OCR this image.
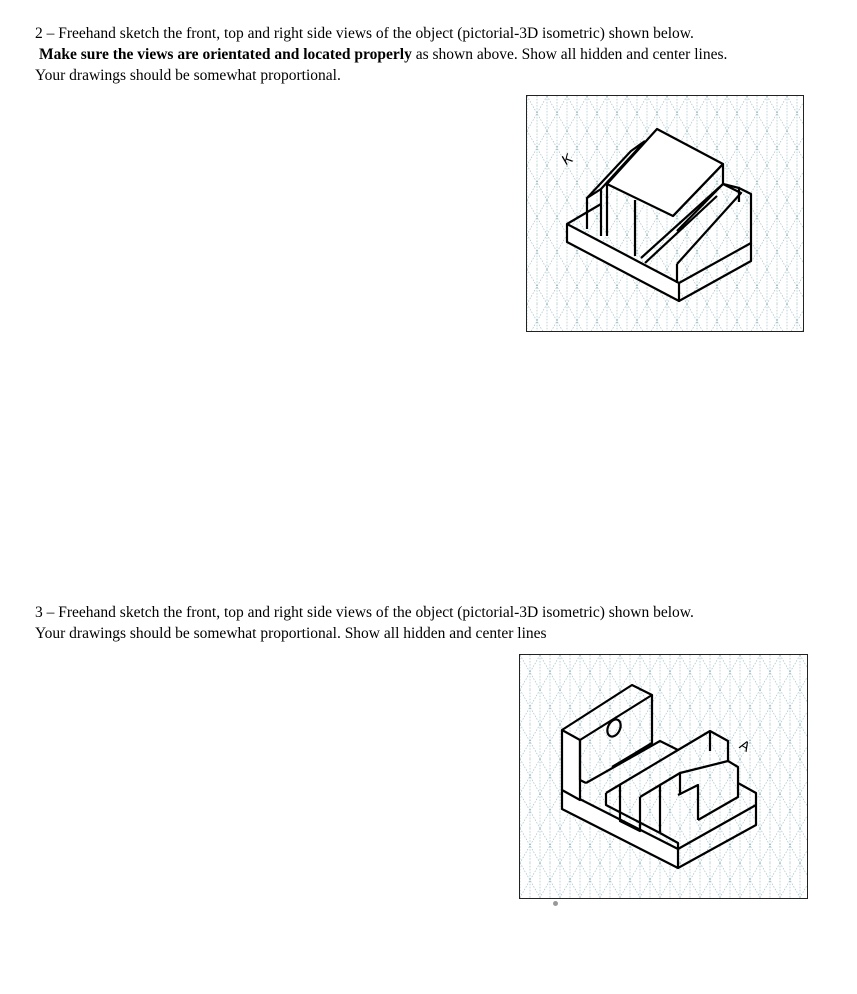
2 – Freehand sketch the front, top and right side views of the object (pictorial-3D isometric) shown below.

Make sure the views are orientated and located properly as shown above. Show all hidden and center lines.

Your drawings should be somewhat proportional.

K

3 – Freehand sketch the front, top and right side views of the object (pictorial-3D isometric) shown below.

Your drawings should be somewhat proportional. Show all hidden and center lines

A
